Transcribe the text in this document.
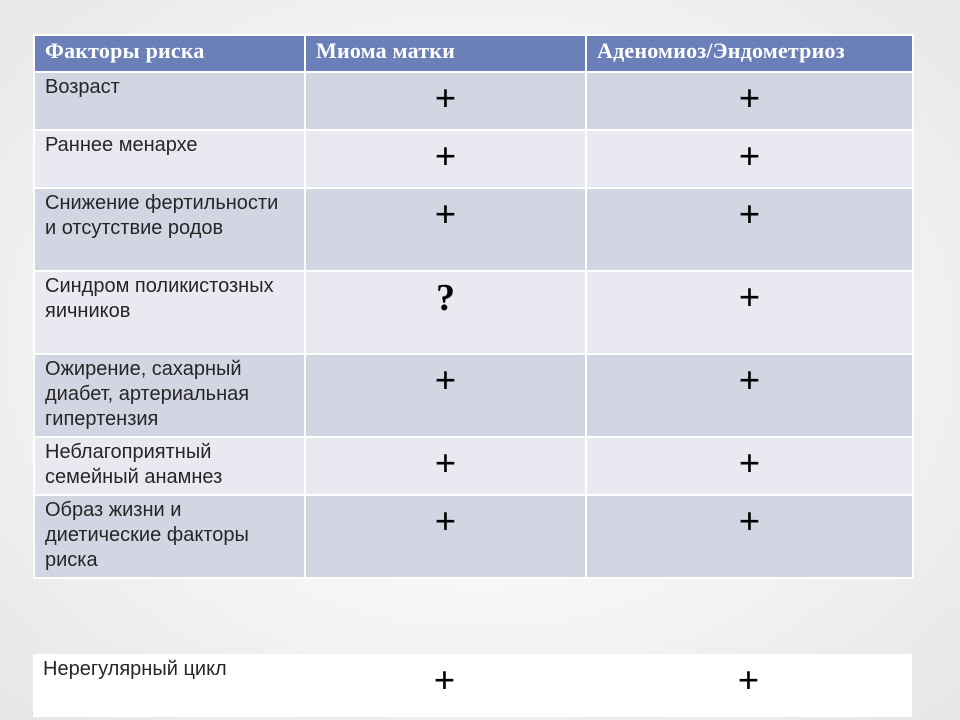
Факторы риска	Миома матки	Аденомиоз/Эндометриоз
Возраст	+	+
Раннее менархе	+	+
Снижение фертильности и отсутствие родов	+	+
Синдром поликистозных яичников	?	+
Ожирение, сахарный диабет, артериальная гипертензия	+	+
Неблагоприятный семейный анамнез	+	+
Образ жизни и диетические факторы риска	+	+
Нерегулярный цикл	+	+
